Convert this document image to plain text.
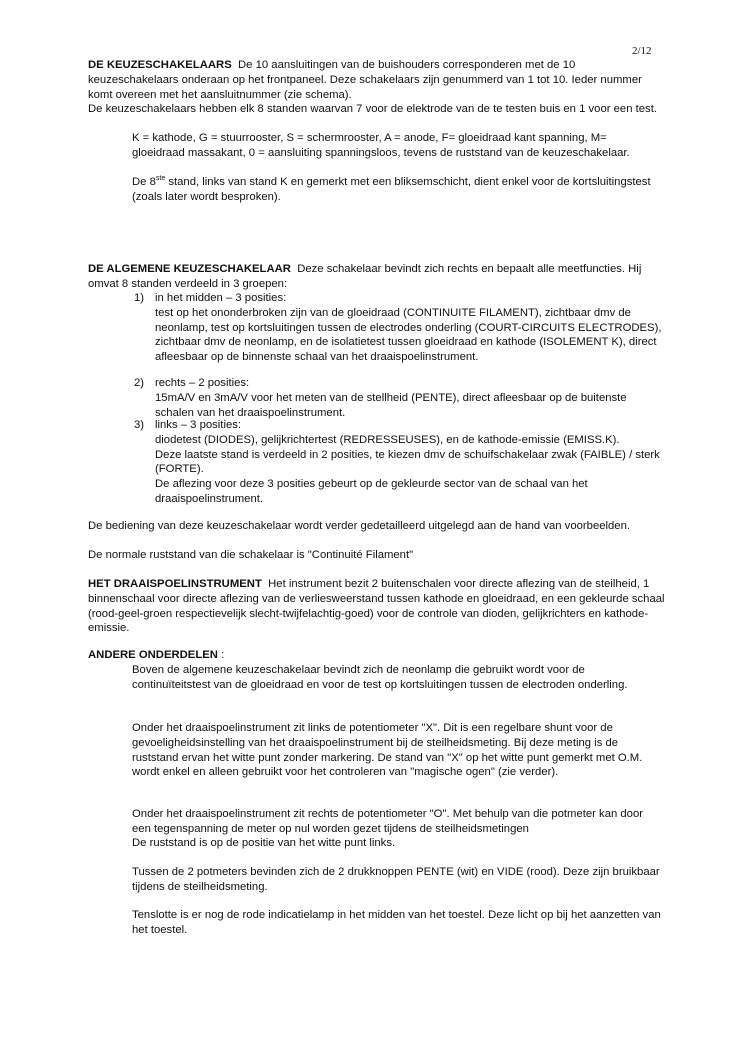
2/12

DE KEUZESCHAKELAARS De 10 aansluitingen van de buishouders corresponderen met de 10 keuzeschakelaars onderaan op het frontpaneel. Deze schakelaars zijn genummerd van 1 tot 10. Ieder nummer komt overeen met het aansluitnummer (zie schema).

De keuzeschakelaars hebben elk 8 standen waarvan 7 voor de elektrode van de te testen buis en 1 voor een test.

K = kathode, G = stuurrooster, S = schermrooster, A = anode, F= gloeidraad kant spanning, M= gloeidraad massakant, 0 = aansluiting spanningsloos, tevens de ruststand van de keuzeschakelaar.

De 8ste stand, links van stand K en gemerkt met een bliksemschicht, dient enkel voor de kortsluitingstest (zoals later wordt besproken).

DE ALGEMENE KEUZESCHAKELAAR Deze schakelaar bevindt zich rechts en bepaalt alle meetfuncties. Hij omvat 8 standen verdeeld in 3 groepen:

1) in het midden – 3 posities:

test op het ononderbroken zijn van de gloeidraad (CONTINUITE FILAMENT), zichtbaar dmv de neonlamp, test op kortsluitingen tussen de electrodes onderling (COURT-CIRCUITS ELECTRODES), zichtbaar dmv de neonlamp, en de isolatietest tussen gloeidraad en kathode (ISOLEMENT K), direct afleesbaar op de binnenste schaal van het draaispoelinstrument.

2) rechts – 2 posities:

15mA/V en 3mA/V voor het meten van de stellheid (PENTE), direct afleesbaar op de buitenste schalen van het draaispoelinstrument.

3) links – 3 posities:

diodetest (DIODES), gelijkrichtertest (REDRESSEUSES), en de kathode-emissie (EMISS.K).

Deze laatste stand is verdeeld in 2 posities, te kiezen dmv de schuifschakelaar zwak (FAIBLE) / sterk (FORTE).

De aflezing voor deze 3 posities gebeurt op de gekleurde sector van de schaal van het draaispoelinstrument.

De bediening van deze keuzeschakelaar wordt verder gedetailleerd uitgelegd aan de hand van voorbeelden.

De normale ruststand van die schakelaar is "Continuité Filament"

HET DRAAISPOELINSTRUMENT Het instrument bezit 2 buitenschalen voor directe aflezing van de steilheid, 1 binnenschaal voor directe aflezing van de verliesweerstand tussen kathode en gloeidraad, en een gekleurde schaal (rood-geel-groen respectievelijk slecht-twijfelachtig-goed) voor de controle van dioden, gelijkrichters en kathode-emissie.

ANDERE ONDERDELEN :

Boven de algemene keuzeschakelaar bevindt zich de neonlamp die gebruikt wordt voor de continuïteitstest van de gloeidraad en voor de test op kortsluitingen tussen de electroden onderling.

Onder het draaispoelinstrument zit links de potentiometer "X". Dit is een regelbare shunt voor de gevoeligheidsinstelling van het draaispoelinstrument bij de steilheidsmeting. Bij deze meting is de ruststand ervan het witte punt zonder markering. De stand van "X" op het witte punt gemerkt met O.M. wordt enkel en alleen gebruikt voor het controleren van "magische ogen" (zie verder).

Onder het draaispoelinstrument zit rechts de potentiometer "O". Met behulp van die potmeter kan door een tegenspanning de meter op nul worden gezet tijdens de steilheidsmetingen

De ruststand is op de positie van het witte punt links.

Tussen de 2 potmeters bevinden zich de 2 drukknoppen PENTE (wit) en VIDE (rood). Deze zijn bruikbaar tijdens de steilheidsmeting.

Tenslotte is er nog de rode indicatielamp in het midden van het toestel. Deze licht op bij het aanzetten van het toestel.
